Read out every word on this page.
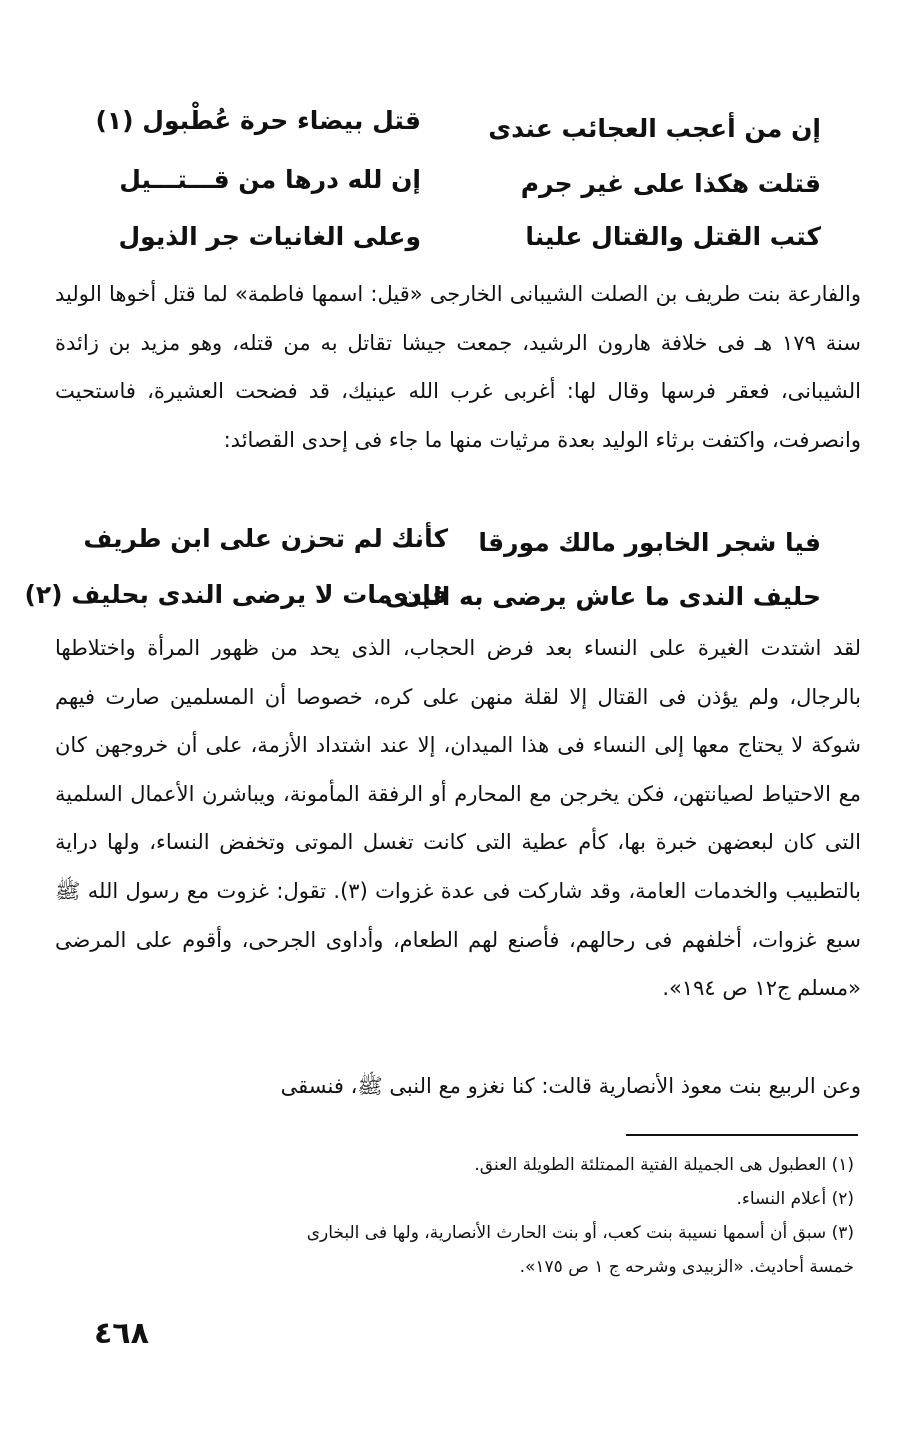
إن من أعجب العجائب عندى
قتل بيضاء حرة عُطْبول (١)
قتلت هكذا على غير جرم
إن لله درها من قـــتـــيل
كتب القتل والقتال علينا
وعلى الغانيات جر الذيول
والفارعة بنت طريف بن الصلت الشيبانى الخارجى «قيل: اسمها فاطمة» لما قتل أخوها الوليد سنة ١٧٩ هـ فى خلافة هارون الرشيد، جمعت جيشا تقاتل به من قتله، وهو مزيد بن زائدة الشيبانى، فعقر فرسها وقال لها: أغربى غرب الله عينيك، قد فضحت العشيرة، فاستحيت وانصرفت، واكتفت برثاء الوليد بعدة مرثيات منها ما جاء فى إحدى القصائد:
فيا شجر الخابور مالك مورقا
كأنك لم تحزن على ابن طريف
فإن مات لا يرضى الندى بحليف (٢)
حليف الندى ما عاش يرضى به الندى
لقد اشتدت الغيرة على النساء بعد فرض الحجاب، الذى يحد من ظهور المرأة واختلاطها بالرجال، ولم يؤذن فى القتال إلا لقلة منهن على كره، خصوصا أن المسلمين صارت فيهم شوكة لا يحتاج معها إلى النساء فى هذا الميدان، إلا عند اشتداد الأزمة، على أن خروجهن كان مع الاحتياط لصيانتهن، فكن يخرجن مع المحارم أو الرفقة المأمونة، ويباشرن الأعمال السلمية التى كان لبعضهن خبرة بها، كأم عطية التى كانت تغسل الموتى وتخفض النساء، ولها دراية بالتطبيب والخدمات العامة، وقد شاركت فى عدة غزوات (٣). تقول: غزوت مع رسول الله ﷺ سبع غزوات، أخلفهم فى رحالهم، فأصنع لهم الطعام، وأداوى الجرحى، وأقوم على المرضى «مسلم ج١٢ ص ١٩٤».
وعن الربيع بنت معوذ الأنصارية قالت: كنا نغزو مع النبى ﷺ، فنسقى
(١) العطبول هى الجميلة الفتية الممتلئة الطويلة العنق.
(٢) أعلام النساء.
(٣) سبق أن أسمها نسيبة بنت كعب، أو بنت الحارث الأنصارية، ولها فى البخارى
خمسة أحاديث. «الزبيدى وشرحه ج ١ ص ١٧٥».
٤٦٨
